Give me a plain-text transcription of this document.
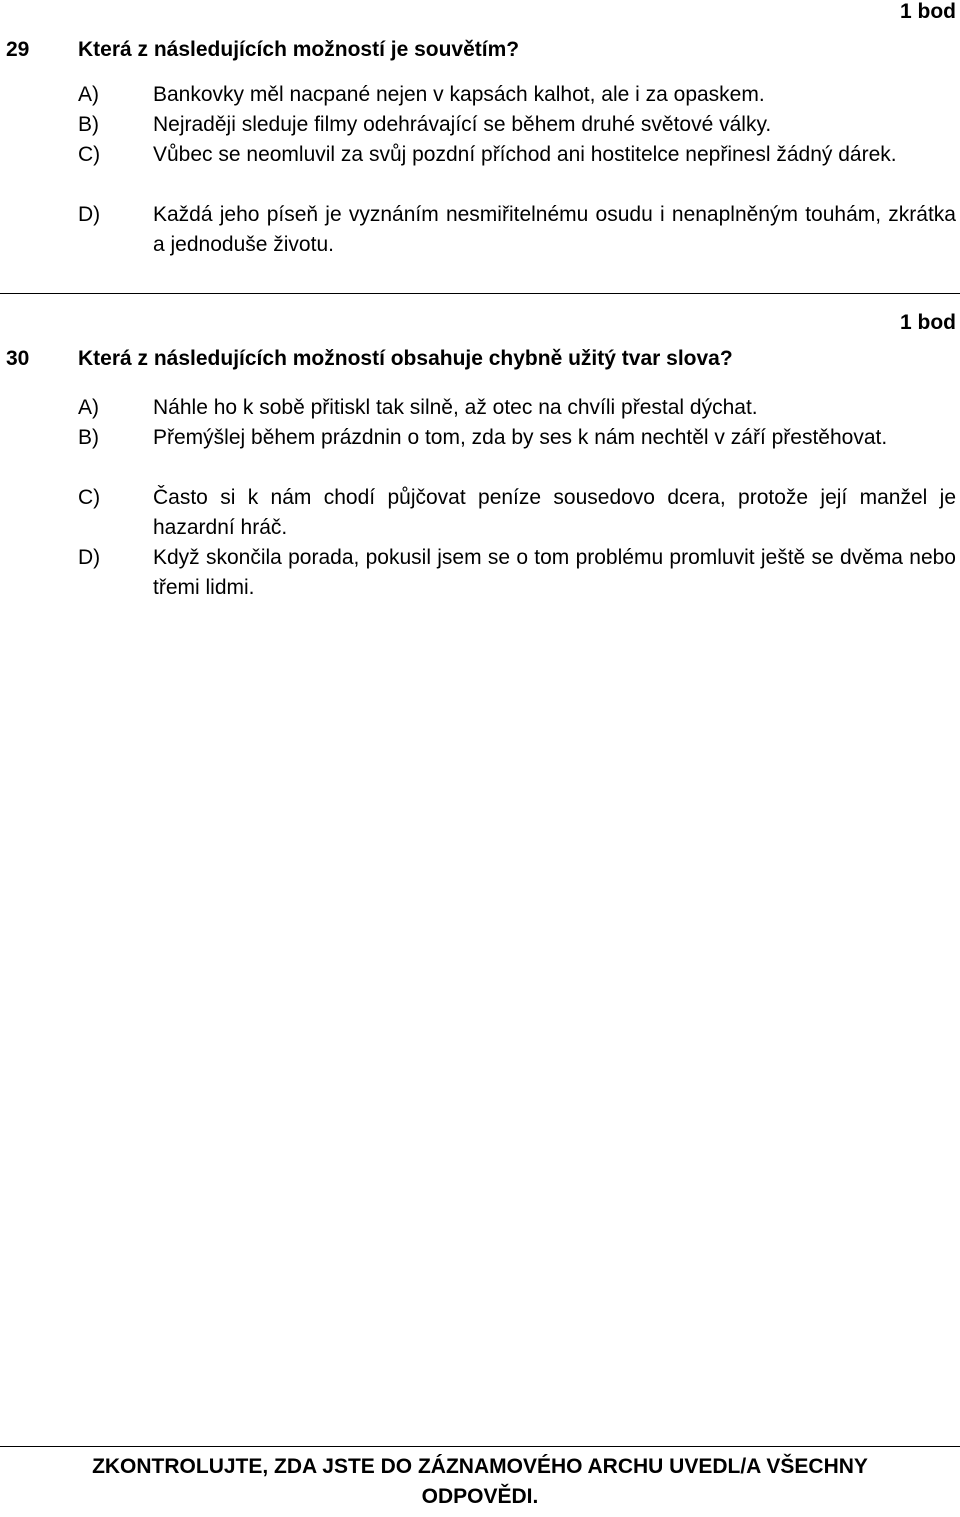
1 bod
29 Která z následujících možností je souvětím?
A)	Bankovky měl nacpané nejen v kapsách kalhot, ale i za opaskem.
B)	Nejraději sleduje filmy odehrávající se během druhé světové války.
C)	Vůbec se neomluvil za svůj pozdní příchod ani hostitelce nepřinesl žádný dárek.
D)	Každá jeho píseň je vyznáním nesmiřitelnému osudu i nenaplněným touhám, zkrátka a jednoduše životu.
1 bod
30 Která z následujících možností obsahuje chybně užitý tvar slova?
A)	Náhle ho k sobě přitiskl tak silně, až otec na chvíli přestal dýchat.
B)	Přemýšlej během prázdnin o tom, zda by ses k nám nechtěl v září přestěhovat.
C)	Často si k nám chodí půjčovat peníze sousedovo dcera, protože její manžel je hazardní hráč.
D)	Když skončila porada, pokusil jsem se o tom problému promluvit ještě se dvěma nebo třemi lidmi.
ZKONTROLUJTE, ZDA JSTE DO ZÁZNAMOVÉHO ARCHU UVEDL/A VŠECHNY
ODPOVĚDI.
